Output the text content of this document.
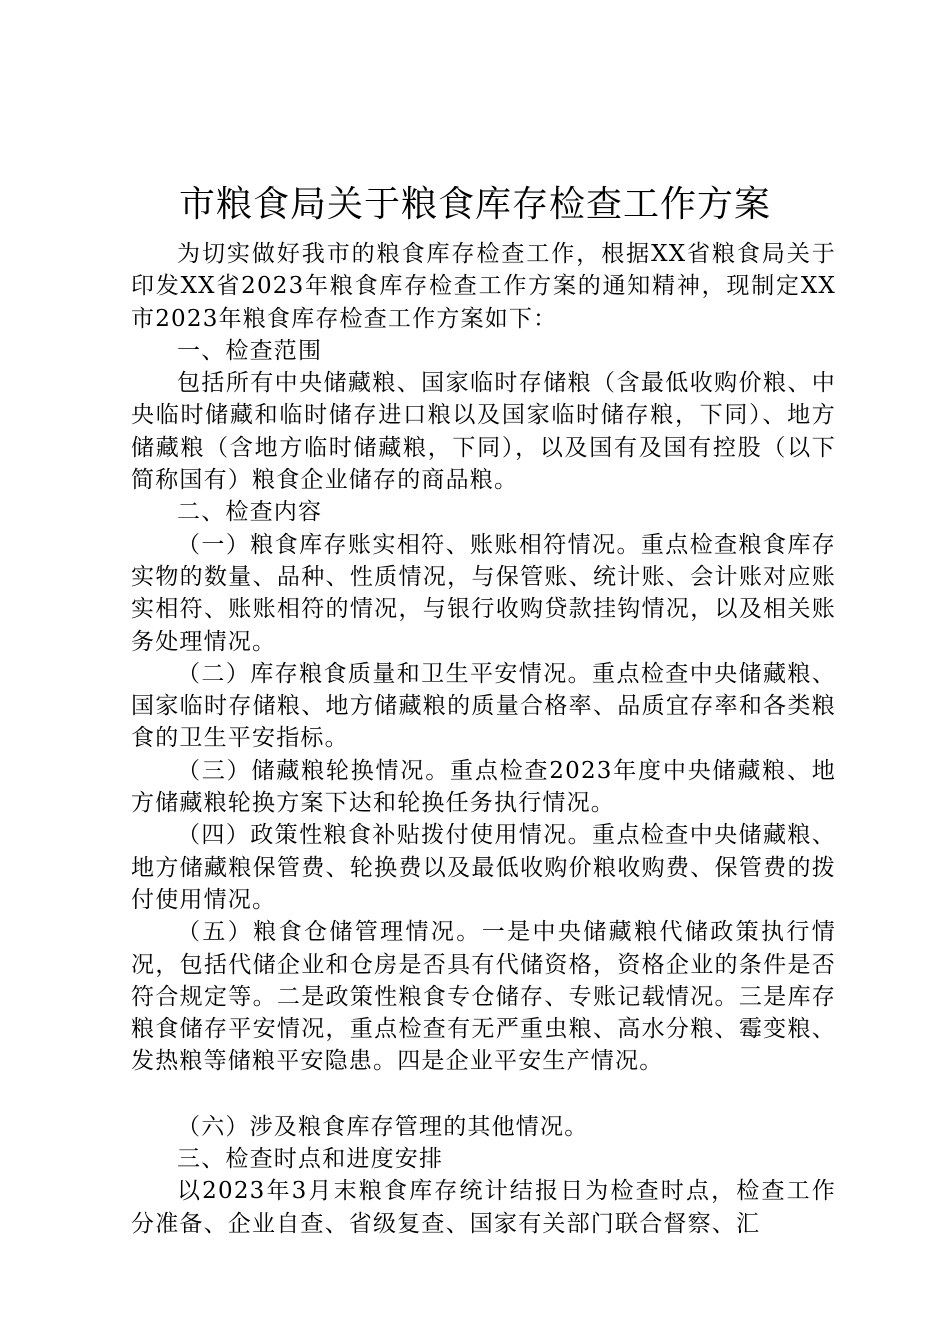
市粮食局关于粮食库存检查工作方案

为切实做好我市的粮食库存检查工作，根据XX省粮食局关于印发XX省2023年粮食库存检查工作方案的通知精神，现制定XX市2023年粮食库存检查工作方案如下：

一、检查范围

包括所有中央储藏粮、国家临时存储粮（含最低收购价粮、中央临时储藏和临时储存进口粮以及国家临时储存粮，下同）、地方储藏粮（含地方临时储藏粮，下同），以及国有及国有控股（以下简称国有）粮食企业储存的商品粮。

二、检查内容

（一）粮食库存账实相符、账账相符情况。重点检查粮食库存实物的数量、品种、性质情况，与保管账、统计账、会计账对应账实相符、账账相符的情况，与银行收购贷款挂钩情况，以及相关账务处理情况。

（二）库存粮食质量和卫生平安情况。重点检查中央储藏粮、国家临时存储粮、地方储藏粮的质量合格率、品质宜存率和各类粮食的卫生平安指标。

（三）储藏粮轮换情况。重点检查2023年度中央储藏粮、地方储藏粮轮换方案下达和轮换任务执行情况。

（四）政策性粮食补贴拨付使用情况。重点检查中央储藏粮、地方储藏粮保管费、轮换费以及最低收购价粮收购费、保管费的拨付使用情况。

（五）粮食仓储管理情况。一是中央储藏粮代储政策执行情况，包括代储企业和仓房是否具有代储资格，资格企业的条件是否符合规定等。二是政策性粮食专仓储存、专账记载情况。三是库存粮食储存平安情况，重点检查有无严重虫粮、高水分粮、霉变粮、发热粮等储粮平安隐患。四是企业平安生产情况。

（六）涉及粮食库存管理的其他情况。

三、检查时点和进度安排

以2023年3月末粮食库存统计结报日为检查时点，检查工作分准备、企业自查、省级复查、国家有关部门联合督察、汇
